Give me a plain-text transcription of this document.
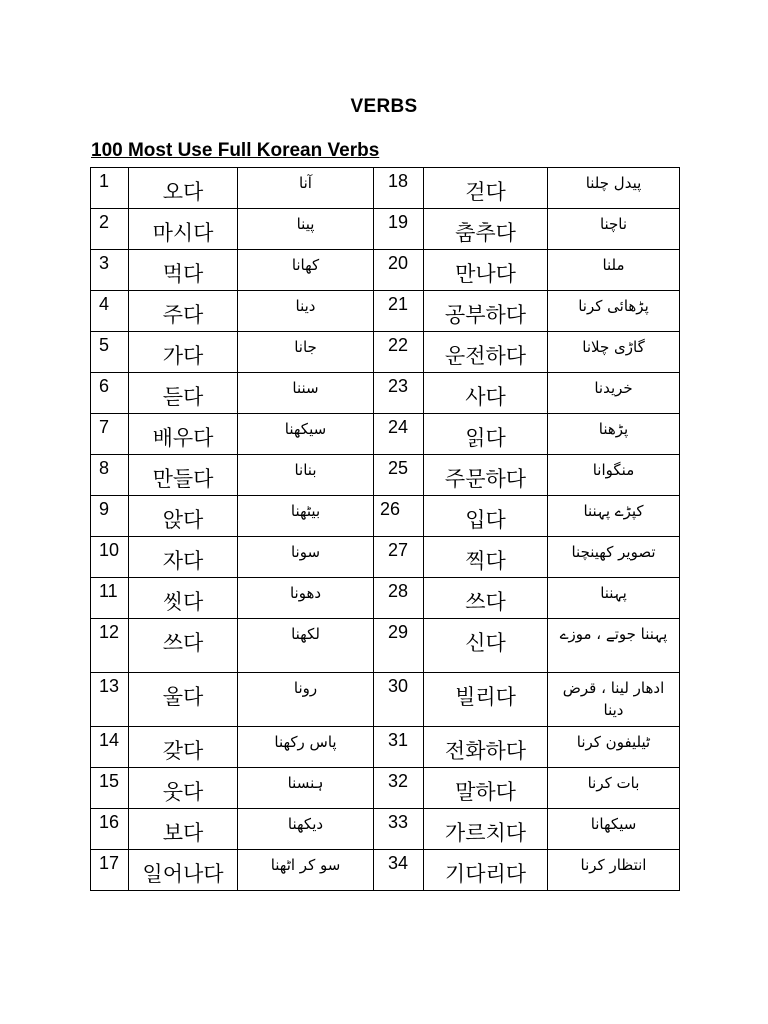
VERBS
100 Most Use Full Korean Verbs
1	오다	آنا	18	걷다	پیدل چلنا
2	마시다	پینا	19	춤추다	ناچنا
3	먹다	کھانا	20	만나다	ملنا
4	주다	دینا	21	공부하다	پڑھائی کرنا
5	가다	جانا	22	운전하다	گاڑی چلانا
6	듣다	سننا	23	사다	خریدنا
7	배우다	سیکھنا	24	읽다	پڑھنا
8	만들다	بنانا	25	주문하다	منگوانا
9	앉다	بیٹھنا	26	입다	کپڑے پہننا
10	자다	سونا	27	찍다	تصویر کھینچنا
11	씻다	دھونا	28	쓰다	پہننا
12	쓰다	لکھنا	29	신다	پہننا جوتے ، موزے
13	울다	رونا	30	빌리다	ادھار لینا ، قرض دینا
14	갖다	پاس رکھنا	31	전화하다	ٹیلیفون کرنا
15	웃다	ہنسنا	32	말하다	بات کرنا
16	보다	دیکھنا	33	가르치다	سیکھانا
17	일어나다	سو کر اٹھنا	34	기다리다	انتظار کرنا
